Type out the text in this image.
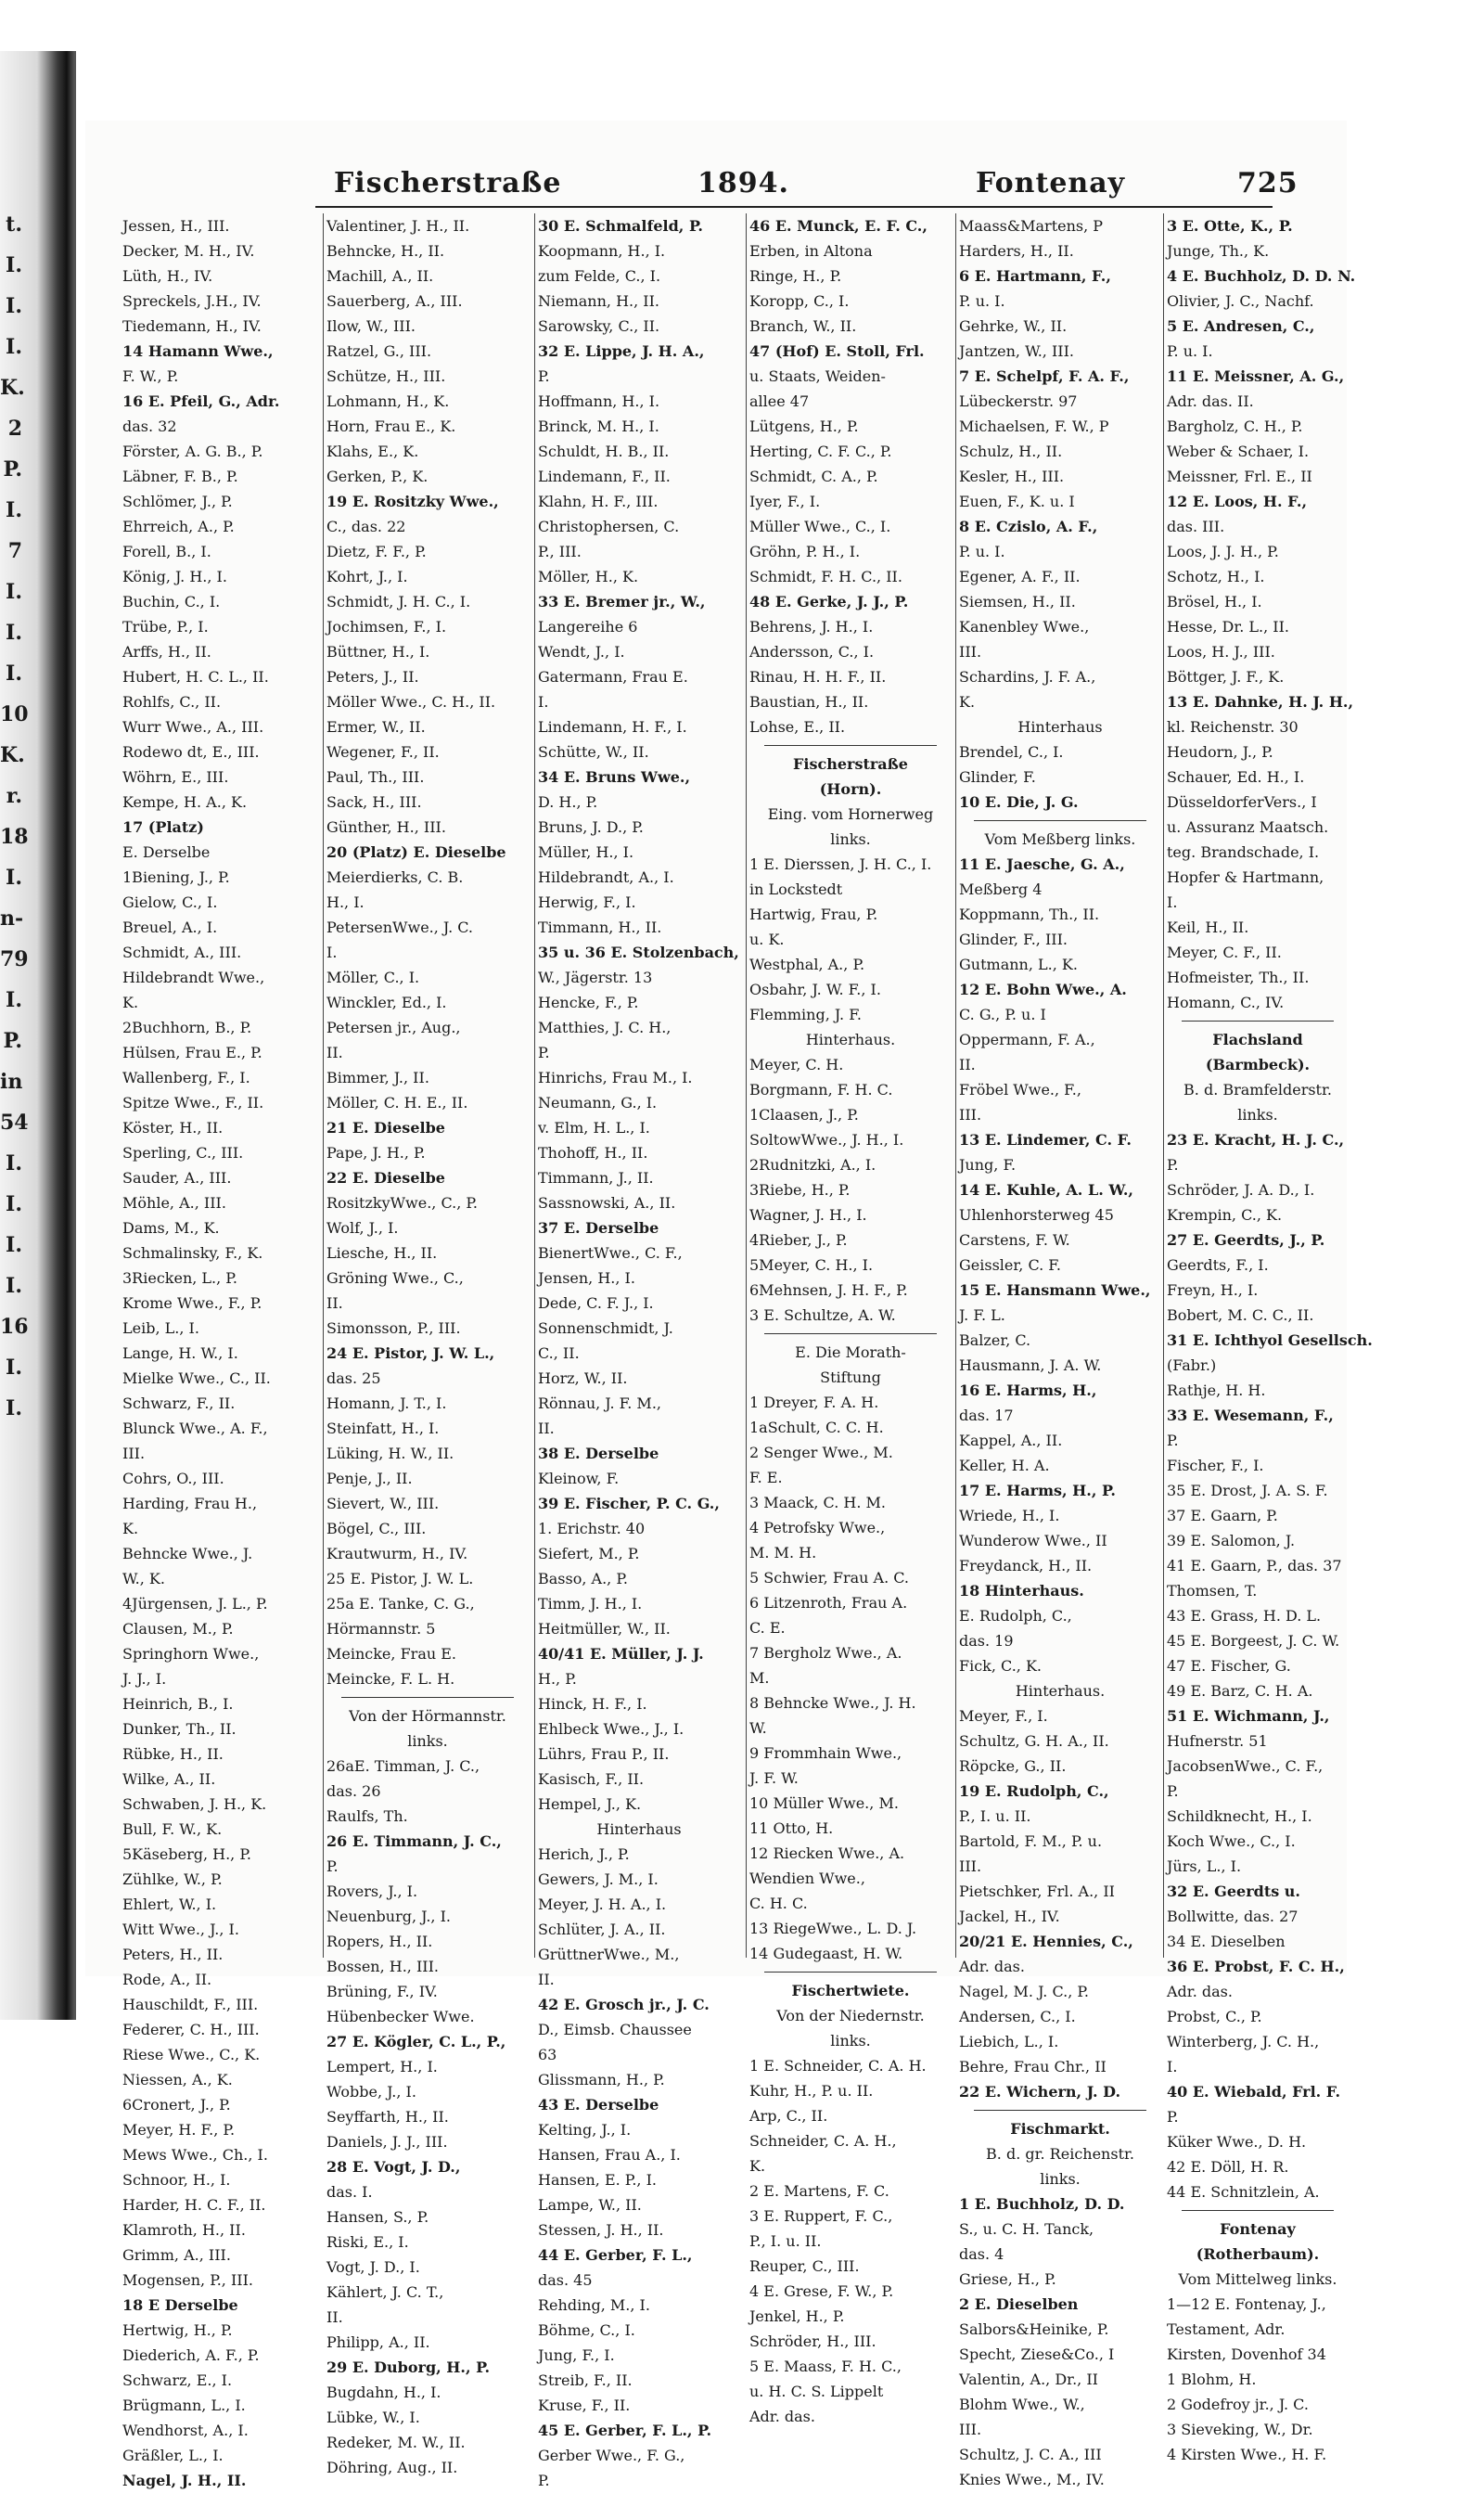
t.
I.
I.
I.
K.
2
P.
I.
7
I.
I.
I.
10
K.
r.
18
I.
n-
79
I.
P.
in
54
I.
I.
I.
I.
16
I.
I.
Fischerstraße	1894.	Fontenay	725
Jessen, H., III.
Decker, M. H., IV.
Lüth, H., IV.
Spreckels, J.H., IV.
Tiedemann, H., IV.
14 Hamann Wwe.,
F. W., P.
16 E. Pfeil, G., Adr.
das. 32
Förster, A. G. B., P.
Läbner, F. B., P.
Schlömer, J., P.
Ehrreich, A., P.
Forell, B., I.
König, J. H., I.
Buchin, C., I.
Trübe, P., I.
Arffs, H., II.
Hubert, H. C. L., II.
Rohlfs, C., II.
Wurr Wwe., A., III.
Rodewo dt, E., III.
Wöhrn, E., III.
Kempe, H. A., K.
17 (Platz)
E. Derselbe
1Biening, J., P.
Gielow, C., I.
Breuel, A., I.
Schmidt, A., III.
Hildebrandt Wwe.,
K.
2Buchhorn, B., P.
Hülsen, Frau E., P.
Wallenberg, F., I.
Spitze Wwe., F., II.
Köster, H., II.
Sperling, C., III.
Sauder, A., III.
Möhle, A., III.
Dams, M., K.
Schmalinsky, F., K.
3Riecken, L., P.
Krome Wwe., F., P.
Leib, L., I.
Lange, H. W., I.
Mielke Wwe., C., II.
Schwarz, F., II.
Blunck Wwe., A. F.,
III.
Cohrs, O., III.
Harding, Frau H.,
K.
Behncke Wwe., J.
W., K.
4Jürgensen, J. L., P.
Clausen, M., P.
Springhorn Wwe.,
J. J., I.
Heinrich, B., I.
Dunker, Th., II.
Rübke, H., II.
Wilke, A., II.
Schwaben, J. H., K.
Bull, F. W., K.
5Käseberg, H., P.
Zühlke, W., P.
Ehlert, W., I.
Witt Wwe., J., I.
Peters, H., II.
Rode, A., II.
Hauschildt, F., III.
Federer, C. H., III.
Riese Wwe., C., K.
Niessen, A., K.
6Cronert, J., P.
Meyer, H. F., P.
Mews Wwe., Ch., I.
Schnoor, H., I.
Harder, H. C. F., II.
Klamroth, H., II.
Grimm, A., III.
Mogensen, P., III.
18 E Derselbe
Hertwig, H., P.
Diederich, A. F., P.
Schwarz, E., I.
Brügmann, L., I.
Wendhorst, A., I.
Gräßler, L., I.
Nagel, J. H., II.
Valentiner, J. H., II.
Behncke, H., II.
Machill, A., II.
Sauerberg, A., III.
Ilow, W., III.
Ratzel, G., III.
Schütze, H., III.
Lohmann, H., K.
Horn, Frau E., K.
Klahs, E., K.
Gerken, P., K.
19 E. Rositzky Wwe.,
C., das. 22
Dietz, F. F., P.
Kohrt, J., I.
Schmidt, J. H. C., I.
Jochimsen, F., I.
Büttner, H., I.
Peters, J., II.
Möller Wwe., C. H., II.
Ermer, W., II.
Wegener, F., II.
Paul, Th., III.
Sack, H., III.
Günther, H., III.
20 (Platz) E. Dieselbe
Meierdierks, C. B.
H., I.
PetersenWwe., J. C.
I.
Möller, C., I.
Winckler, Ed., I.
Petersen jr., Aug.,
II.
Bimmer, J., II.
Möller, C. H. E., II.
21 E. Dieselbe
Pape, J. H., P.
22 E. Dieselbe
RositzkyWwe., C., P.
Wolf, J., I.
Liesche, H., II.
Gröning Wwe., C.,
II.
Simonsson, P., III.
24 E. Pistor, J. W. L.,
das. 25
Homann, J. T., I.
Steinfatt, H., I.
Lüking, H. W., II.
Penje, J., II.
Sievert, W., III.
Bögel, C., III.
Krautwurm, H., IV.
25 E. Pistor, J. W. L.
25a E. Tanke, C. G.,
Hörmannstr. 5
Meincke, Frau E.
Meincke, F. L. H.
Von der Hörmannstr.
links.
26aE. Timman, J. C.,
das. 26
Raulfs, Th.
26 E. Timmann, J. C.,
P.
Rovers, J., I.
Neuenburg, J., I.
Ropers, H., II.
Bossen, H., III.
Brüning, F., IV.
Hübenbecker Wwe.
27 E. Kögler, C. L., P.,
Lempert, H., I.
Wobbe, J., I.
Seyffarth, H., II.
Daniels, J. J., III.
28 E. Vogt, J. D.,
das. I.
Hansen, S., P.
Riski, E., I.
Vogt, J. D., I.
Kählert, J. C. T.,
II.
Philipp, A., II.
29 E. Duborg, H., P.
Bugdahn, H., I.
Lübke, W., I.
Redeker, M. W., II.
Döhring, Aug., II.
30 E. Schmalfeld, P.
Koopmann, H., I.
zum Felde, C., I.
Niemann, H., II.
Sarowsky, C., II.
32 E. Lippe, J. H. A.,
P.
Hoffmann, H., I.
Brinck, M. H., I.
Schuldt, H. B., II.
Lindemann, F., II.
Klahn, H. F., III.
Christophersen, C.
P., III.
Möller, H., K.
33 E. Bremer jr., W.,
Langereihe 6
Wendt, J., I.
Gatermann, Frau E.
I.
Lindemann, H. F., I.
Schütte, W., II.
34 E. Bruns Wwe.,
D. H., P.
Bruns, J. D., P.
Müller, H., I.
Hildebrandt, A., I.
Herwig, F., I.
Timmann, H., II.
35 u. 36 E. Stolzenbach,
W., Jägerstr. 13
Hencke, F., P.
Matthies, J. C. H.,
P.
Hinrichs, Frau M., I.
Neumann, G., I.
v. Elm, H. L., I.
Thohoff, H., II.
Timmann, J., II.
Sassnowski, A., II.
37 E. Derselbe
BienertWwe., C. F.,
Jensen, H., I.
Dede, C. F. J., I.
Sonnenschmidt, J.
C., II.
Horz, W., II.
Rönnau, J. F. M.,
II.
38 E. Derselbe
Kleinow, F.
39 E. Fischer, P. C. G.,
1. Erichstr. 40
Siefert, M., P.
Basso, A., P.
Timm, J. H., I.
Heitmüller, W., II.
40/41 E. Müller, J. J.
H., P.
Hinck, H. F., I.
Ehlbeck Wwe., J., I.
Lührs, Frau P., II.
Kasisch, F., II.
Hempel, J., K.
Hinterhaus
Herich, J., P.
Gewers, J. M., I.
Meyer, J. H. A., I.
Schlüter, J. A., II.
GrüttnerWwe., M.,
II.
42 E. Grosch jr., J. C.
D., Eimsb. Chaussee
63
Glissmann, H., P.
43 E. Derselbe
Kelting, J., I.
Hansen, Frau A., I.
Hansen, E. P., I.
Lampe, W., II.
Stessen, J. H., II.
44 E. Gerber, F. L.,
das. 45
Rehding, M., I.
Böhme, C., I.
Jung, F., I.
Streib, F., II.
Kruse, F., II.
45 E. Gerber, F. L., P.
Gerber Wwe., F. G.,
P.
46 E. Munck, E. F. C.,
Erben, in Altona
Ringe, H., P.
Koropp, C., I.
Branch, W., II.
47 (Hof) E. Stoll, Frl.
u. Staats, Weiden-
allee 47
Lütgens, H., P.
Herting, C. F. C., P.
Schmidt, C. A., P.
Iyer, F., I.
Müller Wwe., C., I.
Gröhn, P. H., I.
Schmidt, F. H. C., II.
48 E. Gerke, J. J., P.
Behrens, J. H., I.
Andersson, C., I.
Rinau, H. H. F., II.
Baustian, H., II.
Lohse, E., II.
Fischerstraße
(Horn).
Eing. vom Hornerweg
links.
1 E. Dierssen, J. H. C., I.
in Lockstedt
Hartwig, Frau, P.
u. K.
Westphal, A., P.
Osbahr, J. W. F., I.
Flemming, J. F.
Hinterhaus.
Meyer, C. H.
Borgmann, F. H. C.
1Claasen, J., P.
SoltowWwe., J. H., I.
2Rudnitzki, A., I.
3Riebe, H., P.
Wagner, J. H., I.
4Rieber, J., P.
5Meyer, C. H., I.
6Mehnsen, J. H. F., P.
3 E. Schultze, A. W.
E. Die Morath-
Stiftung
1 Dreyer, F. A. H.
1aSchult, C. C. H.
2 Senger Wwe., M.
F. E.
3 Maack, C. H. M.
4 Petrofsky Wwe.,
M. M. H.
5 Schwier, Frau A. C.
6 Litzenroth, Frau A.
C. E.
7 Bergholz Wwe., A.
M.
8 Behncke Wwe., J. H.
W.
9 Frommhain Wwe.,
J. F. W.
10 Müller Wwe., M.
11 Otto, H.
12 Riecken Wwe., A.
Wendien Wwe.,
C. H. C.
13 RiegeWwe., L. D. J.
14 Gudegaast, H. W.
Fischertwiete.
Von der Niedernstr.
links.
1 E. Schneider, C. A. H.
Kuhr, H., P. u. II.
Arp, C., II.
Schneider, C. A. H.,
K.
2 E. Martens, F. C.
3 E. Ruppert, F. C.,
P., I. u. II.
Reuper, C., III.
4 E. Grese, F. W., P.
Jenkel, H., P.
Schröder, H., III.
5 E. Maass, F. H. C.,
u. H. C. S. Lippelt
Adr. das.
Maass&Martens, P
Harders, H., II.
6 E. Hartmann, F.,
P. u. I.
Gehrke, W., II.
Jantzen, W., III.
7 E. Schelpf, F. A. F.,
Lübeckerstr. 97
Michaelsen, F. W., P
Schulz, H., II.
Kesler, H., III.
Euen, F., K. u. I
8 E. Czislo, A. F.,
P. u. I.
Egener, A. F., II.
Siemsen, H., II.
Kanenbley Wwe.,
III.
Schardins, J. F. A.,
K.
Hinterhaus
Brendel, C., I.
Glinder, F.
10 E. Die, J. G.
Vom Meßberg links.
11 E. Jaesche, G. A.,
Meßberg 4
Koppmann, Th., II.
Glinder, F., III.
Gutmann, L., K.
12 E. Bohn Wwe., A.
C. G., P. u. I
Oppermann, F. A.,
II.
Fröbel Wwe., F.,
III.
13 E. Lindemer, C. F.
Jung, F.
14 E. Kuhle, A. L. W.,
Uhlenhorsterweg 45
Carstens, F. W.
Geissler, C. F.
15 E. Hansmann Wwe.,
J. F. L.
Balzer, C.
Hausmann, J. A. W.
16 E. Harms, H.,
das. 17
Kappel, A., II.
Keller, H. A.
17 E. Harms, H., P.
Wriede, H., I.
Wunderow Wwe., II
Freydanck, H., II.
18 Hinterhaus.
E. Rudolph, C.,
das. 19
Fick, C., K.
Hinterhaus.
Meyer, F., I.
Schultz, G. H. A., II.
Röpcke, G., II.
19 E. Rudolph, C.,
P., I. u. II.
Bartold, F. M., P. u.
III.
Pietschker, Frl. A., II
Jackel, H., IV.
20/21 E. Hennies, C.,
Adr. das.
Nagel, M. J. C., P.
Andersen, C., I.
Liebich, L., I.
Behre, Frau Chr., II
22 E. Wichern, J. D.
Fischmarkt.
B. d. gr. Reichenstr.
links.
1 E. Buchholz, D. D.
S., u. C. H. Tanck,
das. 4
Griese, H., P.
2 E. Dieselben
Salbors&Heinike, P.
Specht, Ziese&Co., I
Valentin, A., Dr., II
Blohm Wwe., W.,
III.
Schultz, J. C. A., III
Knies Wwe., M., IV.
3 E. Otte, K., P.
Junge, Th., K.
4 E. Buchholz, D. D. N.
Olivier, J. C., Nachf.
5 E. Andresen, C.,
P. u. I.
11 E. Meissner, A. G.,
Adr. das. II.
Bargholz, C. H., P.
Weber & Schaer, I.
Meissner, Frl. E., II
12 E. Loos, H. F.,
das. III.
Loos, J. J. H., P.
Schotz, H., I.
Brösel, H., I.
Hesse, Dr. L., II.
Loos, H. J., III.
Böttger, J. F., K.
13 E. Dahnke, H. J. H.,
kl. Reichenstr. 30
Heudorn, J., P.
Schauer, Ed. H., I.
DüsseldorferVers., I
u. Assuranz Maatsch.
teg. Brandschade, I.
Hopfer & Hartmann,
I.
Keil, H., II.
Meyer, C. F., II.
Hofmeister, Th., II.
Homann, C., IV.
Flachsland
(Barmbeck).
B. d. Bramfelderstr.
links.
23 E. Kracht, H. J. C.,
P.
Schröder, J. A. D., I.
Krempin, C., K.
27 E. Geerdts, J., P.
Geerdts, F., I.
Freyn, H., I.
Bobert, M. C. C., II.
31 E. Ichthyol Gesellsch.
(Fabr.)
Rathje, H. H.
33 E. Wesemann, F.,
P.
Fischer, F., I.
35 E. Drost, J. A. S. F.
37 E. Gaarn, P.
39 E. Salomon, J.
41 E. Gaarn, P., das. 37
Thomsen, T.
43 E. Grass, H. D. L.
45 E. Borgeest, J. C. W.
47 E. Fischer, G.
49 E. Barz, C. H. A.
51 E. Wichmann, J.,
Hufnerstr. 51
JacobsenWwe., C. F.,
P.
Schildknecht, H., I.
Koch Wwe., C., I.
Jürs, L., I.
32 E. Geerdts u.
Bollwitte, das. 27
34 E. Dieselben
36 E. Probst, F. C. H.,
Adr. das.
Probst, C., P.
Winterberg, J. C. H.,
I.
40 E. Wiebald, Frl. F.
P.
Küker Wwe., D. H.
42 E. Döll, H. R.
44 E. Schnitzlein, A.
Fontenay
(Rotherbaum).
Vom Mittelweg links.
1—12 E. Fontenay, J.,
Testament, Adr.
Kirsten, Dovenhof 34
1 Blohm, H.
2 Godefroy jr., J. C.
3 Sieveking, W., Dr.
4 Kirsten Wwe., H. F.
